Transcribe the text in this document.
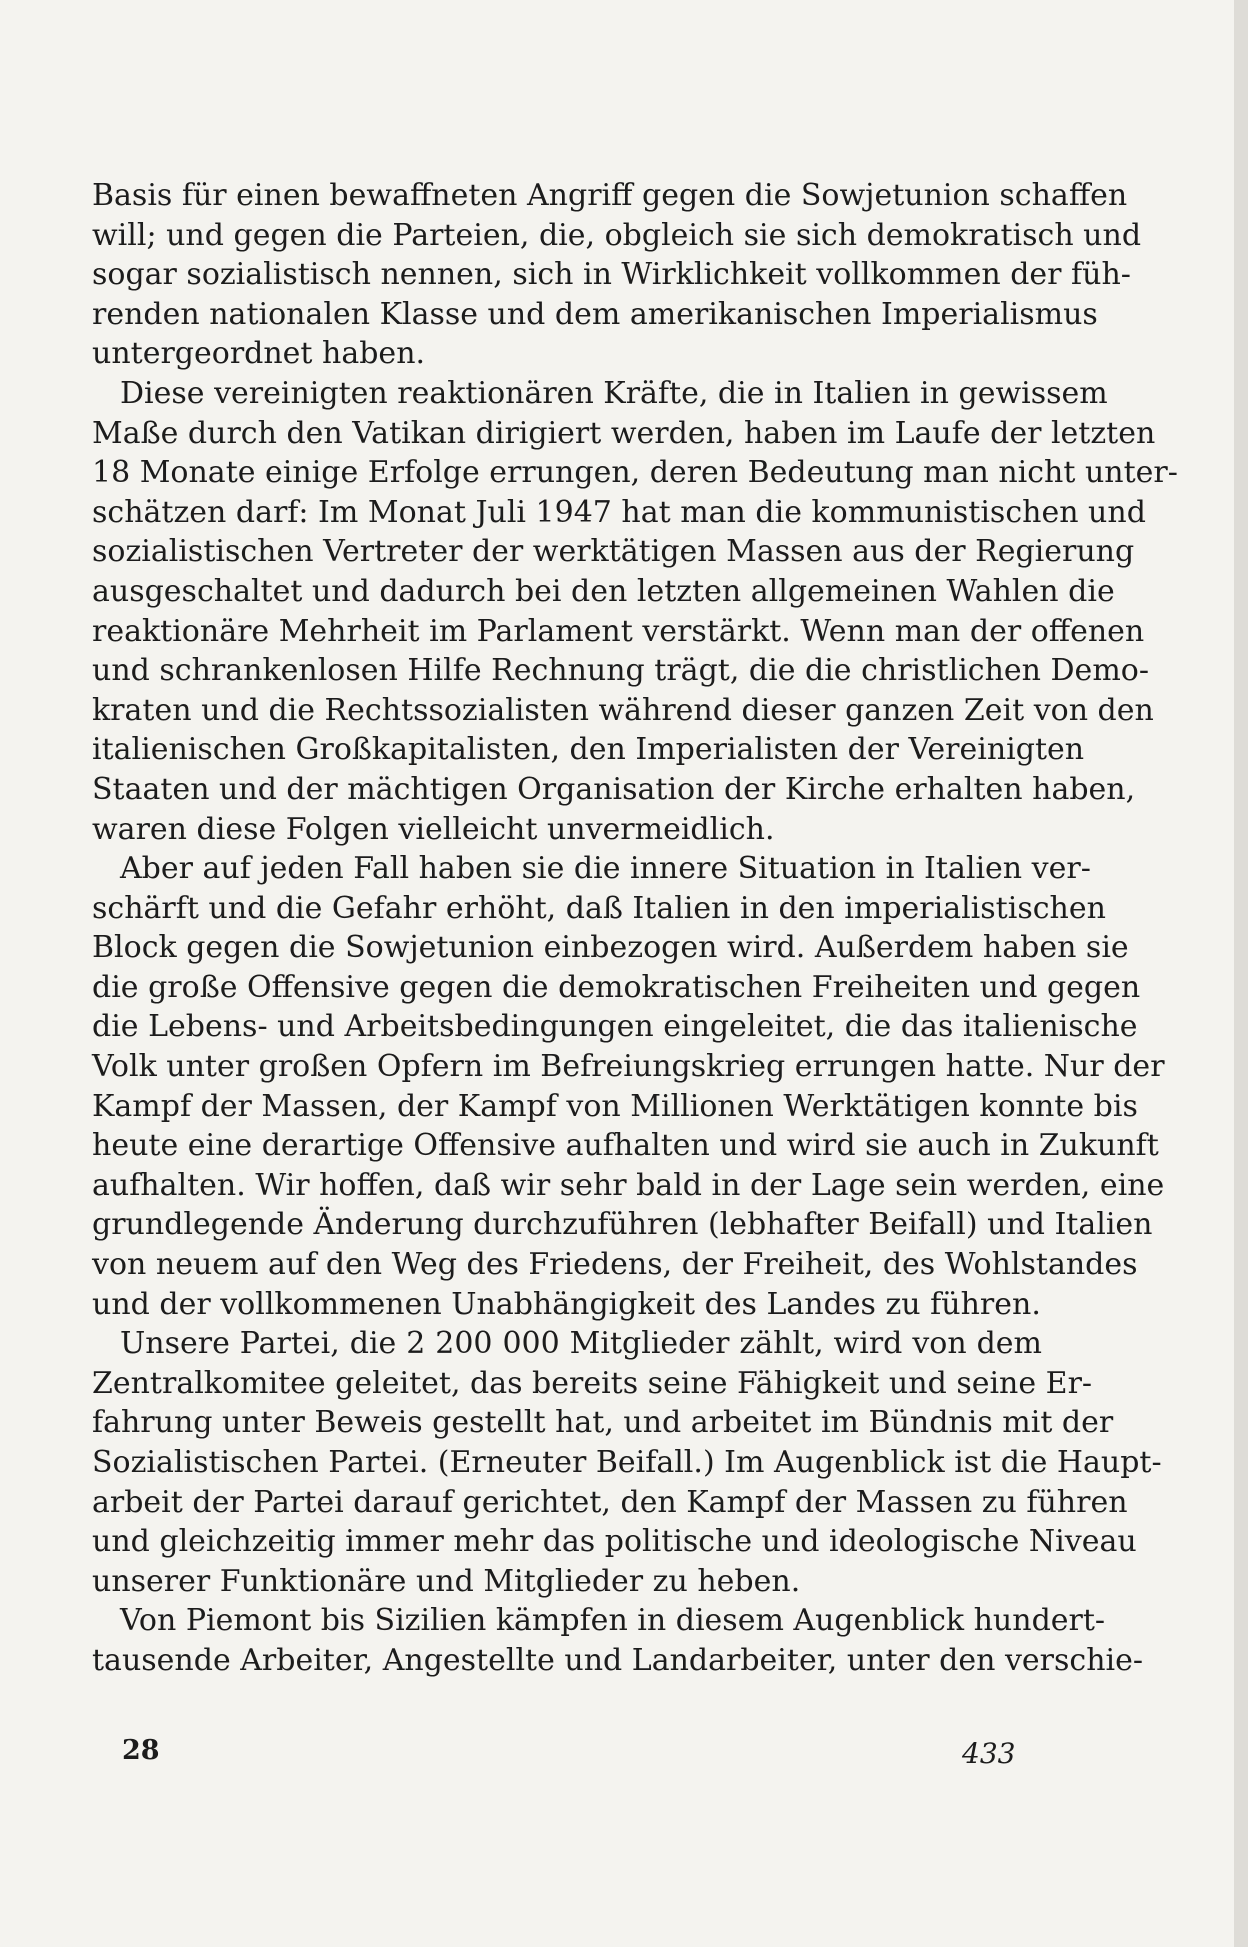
Basis für einen bewaffneten Angriff gegen die Sowjetunion schaffen
will; und gegen die Parteien, die, obgleich sie sich demokratisch und
sogar sozialistisch nennen, sich in Wirklichkeit vollkommen der füh-
renden nationalen Klasse und dem amerikanischen Imperialismus
untergeordnet haben.
Diese vereinigten reaktionären Kräfte, die in Italien in gewissem
Maße durch den Vatikan dirigiert werden, haben im Laufe der letzten
18 Monate einige Erfolge errungen, deren Bedeutung man nicht unter-
schätzen darf: Im Monat Juli 1947 hat man die kommunistischen und
sozialistischen Vertreter der werktätigen Massen aus der Regierung
ausgeschaltet und dadurch bei den letzten allgemeinen Wahlen die
reaktionäre Mehrheit im Parlament verstärkt. Wenn man der offenen
und schrankenlosen Hilfe Rechnung trägt, die die christlichen Demo-
kraten und die Rechtssozialisten während dieser ganzen Zeit von den
italienischen Großkapitalisten, den Imperialisten der Vereinigten
Staaten und der mächtigen Organisation der Kirche erhalten haben,
waren diese Folgen vielleicht unvermeidlich.
Aber auf jeden Fall haben sie die innere Situation in Italien ver-
schärft und die Gefahr erhöht, daß Italien in den imperialistischen
Block gegen die Sowjetunion einbezogen wird. Außerdem haben sie
die große Offensive gegen die demokratischen Freiheiten und gegen
die Lebens- und Arbeitsbedingungen eingeleitet, die das italienische
Volk unter großen Opfern im Befreiungskrieg errungen hatte. Nur der
Kampf der Massen, der Kampf von Millionen Werktätigen konnte bis
heute eine derartige Offensive aufhalten und wird sie auch in Zukunft
aufhalten. Wir hoffen, daß wir sehr bald in der Lage sein werden, eine
grundlegende Änderung durchzuführen (lebhafter Beifall) und Italien
von neuem auf den Weg des Friedens, der Freiheit, des Wohlstandes
und der vollkommenen Unabhängigkeit des Landes zu führen.
Unsere Partei, die 2 200 000 Mitglieder zählt, wird von dem
Zentralkomitee geleitet, das bereits seine Fähigkeit und seine Er-
fahrung unter Beweis gestellt hat, und arbeitet im Bündnis mit der
Sozialistischen Partei. (Erneuter Beifall.) Im Augenblick ist die Haupt-
arbeit der Partei darauf gerichtet, den Kampf der Massen zu führen
und gleichzeitig immer mehr das politische und ideologische Niveau
unserer Funktionäre und Mitglieder zu heben.
Von Piemont bis Sizilien kämpfen in diesem Augenblick hundert-
tausende Arbeiter, Angestellte und Landarbeiter, unter den verschie-
28	433
